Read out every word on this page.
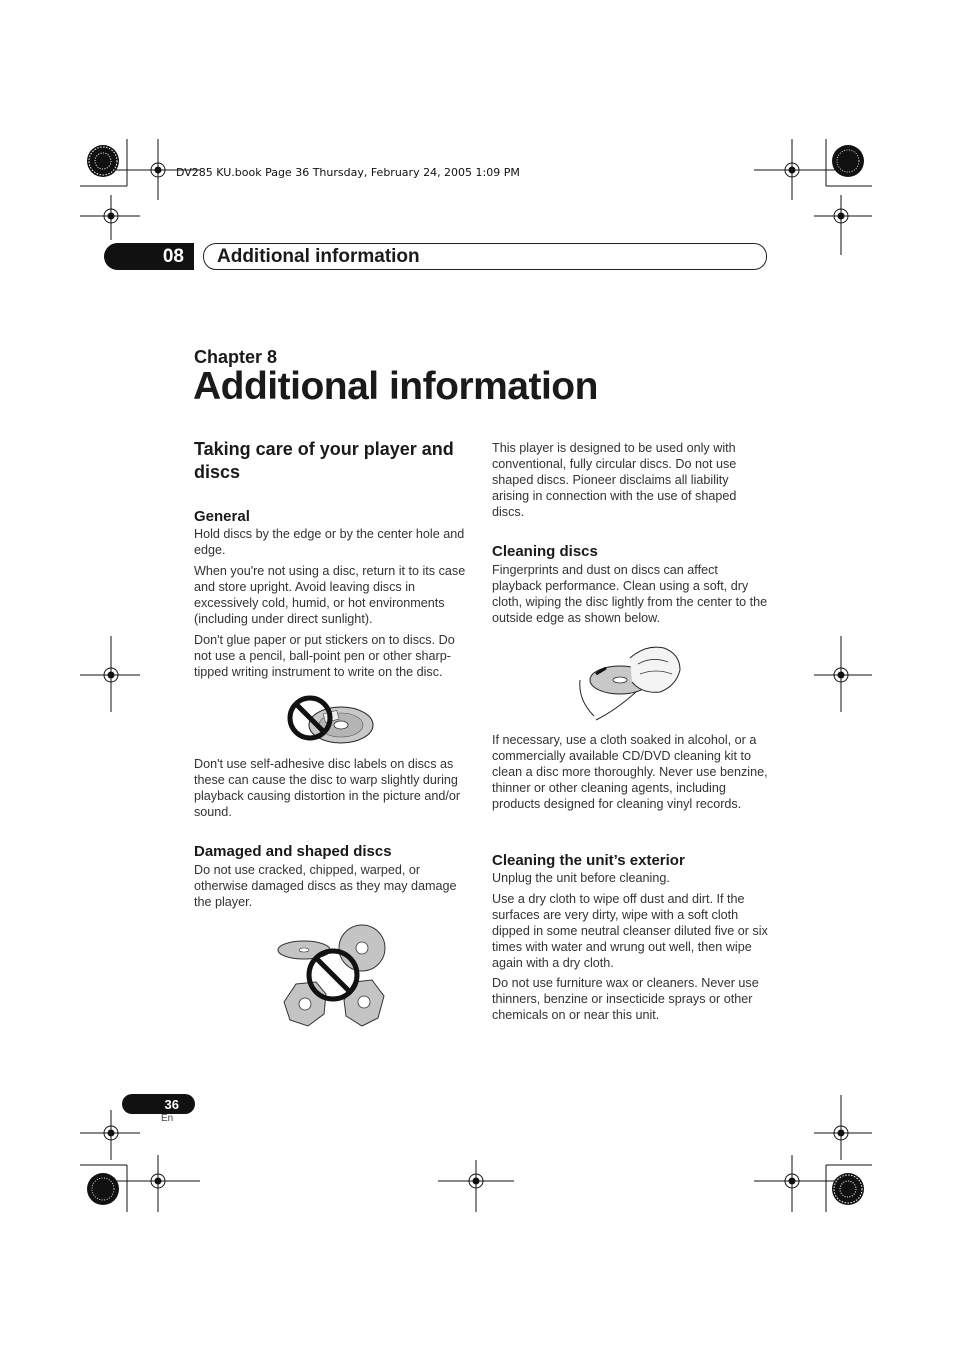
DV285 KU.book Page 36 Thursday, February 24, 2005 1:09 PM
08	Additional information
Chapter 8
Additional information
Taking care of your player and discs
General

Hold discs by the edge or by the center hole and edge.

When you're not using a disc, return it to its case and store upright. Avoid leaving discs in excessively cold, humid, or hot environments (including under direct sunlight).

Don't glue paper or put stickers on to discs. Do not use a pencil, ball-point pen or other sharp-tipped writing instrument to write on the disc.

Don't use self-adhesive disc labels on discs as these can cause the disc to warp slightly during playback causing distortion in the picture and/or sound.

Damaged and shaped discs

Do not use cracked, chipped, warped, or otherwise damaged discs as they may damage the player.

This player is designed to be used only with conventional, fully circular discs. Do not use shaped discs. Pioneer disclaims all liability arising in connection with the use of shaped discs.

Cleaning discs

Fingerprints and dust on discs can affect playback performance. Clean using a soft, dry cloth, wiping the disc lightly from the center to the outside edge as shown below.

If necessary, use a cloth soaked in alcohol, or a commercially available CD/DVD cleaning kit to clean a disc more thoroughly. Never use benzine, thinner or other cleaning agents, including products designed for cleaning vinyl records.

Cleaning the unit’s exterior

Unplug the unit before cleaning.

Use a dry cloth to wipe off dust and dirt. If the surfaces are very dirty, wipe with a soft cloth dipped in some neutral cleanser diluted five or six times with water and wrung out well, then wipe again with a dry cloth.

Do not use furniture wax or cleaners. Never use thinners, benzine or insecticide sprays or other chemicals on or near this unit.

36
En
